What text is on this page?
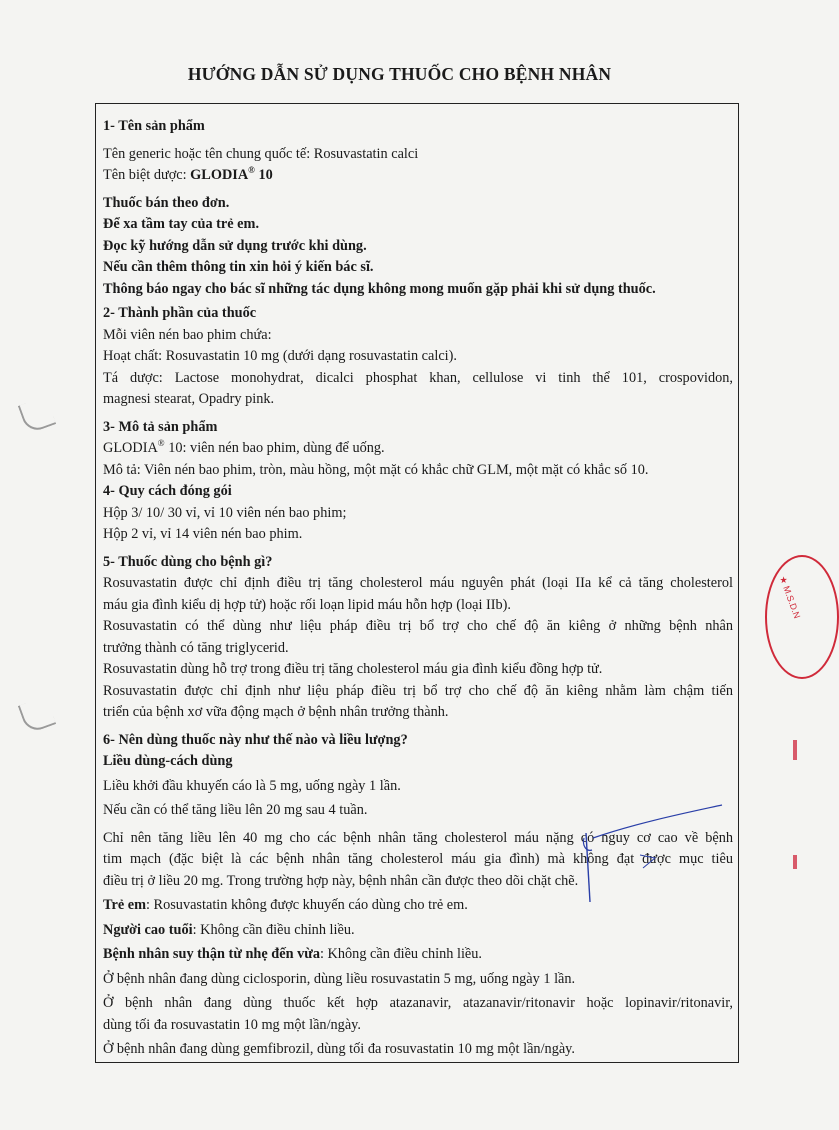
HƯỚNG DẪN SỬ DỤNG THUỐC CHO BỆNH NHÂN
1- Tên sản phẩm
Tên generic hoặc tên chung quốc tế: Rosuvastatin calci
Tên biệt dược: GLODIA® 10
Thuốc bán theo đơn.
Để xa tầm tay của trẻ em.
Đọc kỹ hướng dẫn sử dụng trước khi dùng.
Nếu cần thêm thông tin xin hỏi ý kiến bác sĩ.
Thông báo ngay cho bác sĩ những tác dụng không mong muốn gặp phải khi sử dụng thuốc.
2- Thành phần của thuốc
Mỗi viên nén bao phim chứa:
Hoạt chất: Rosuvastatin 10 mg (dưới dạng rosuvastatin calci).
Tá dược: Lactose monohydrat, dicalci phosphat khan, cellulose vi tinh thể 101, crospovidon,
magnesi stearat, Opadry pink.
3- Mô tả sản phẩm
GLODIA® 10: viên nén bao phim, dùng để uống.
Mô tả: Viên nén bao phim, tròn, màu hồng, một mặt có khắc chữ GLM, một mặt có khắc số 10.
4- Quy cách đóng gói
Hộp 3/ 10/ 30 vỉ, vỉ 10 viên nén bao phim;
Hộp 2 vỉ, vỉ 14 viên nén bao phim.
5- Thuốc dùng cho bệnh gì?
Rosuvastatin được chỉ định điều trị tăng cholesterol máu nguyên phát (loại IIa kể cả tăng cholesterol
máu gia đình kiểu dị hợp tử) hoặc rối loạn lipid máu hỗn hợp (loại IIb).
Rosuvastatin có thể dùng như liệu pháp điều trị bổ trợ cho chế độ ăn kiêng ở những bệnh nhân
trưởng thành có tăng triglycerid.
Rosuvastatin dùng hỗ trợ trong điều trị tăng cholesterol máu gia đình kiểu đồng hợp tử.
Rosuvastatin được chỉ định như liệu pháp điều trị bổ trợ cho chế độ ăn kiêng nhằm làm chậm tiến
triển của bệnh xơ vữa động mạch ở bệnh nhân trưởng thành.
6- Nên dùng thuốc này như thế nào và liều lượng?
Liều dùng-cách dùng
Liều khởi đầu khuyến cáo là 5 mg, uống ngày 1 lần.
Nếu cần có thể tăng liều lên 20 mg sau 4 tuần.
Chỉ nên tăng liều lên 40 mg cho các bệnh nhân tăng cholesterol máu nặng có nguy cơ cao về bệnh
tim mạch (đặc biệt là các bệnh nhân tăng cholesterol máu gia đình) mà không đạt được mục tiêu
điều trị ở liều 20 mg. Trong trường hợp này, bệnh nhân cần được theo dõi chặt chẽ.
Trẻ em: Rosuvastatin không được khuyến cáo dùng cho trẻ em.
Người cao tuổi: Không cần điều chỉnh liều.
Bệnh nhân suy thận từ nhẹ đến vừa: Không cần điều chỉnh liều.
Ở bệnh nhân đang dùng ciclosporin, dùng liều rosuvastatin 5 mg, uống ngày 1 lần.
Ở bệnh nhân đang dùng thuốc kết hợp atazanavir, atazanavir/ritonavir hoặc lopinavir/ritonavir,
dùng tối đa rosuvastatin 10 mg một lần/ngày.
Ở bệnh nhân đang dùng gemfibrozil, dùng tối đa rosuvastatin 10 mg một lần/ngày.
★ M.S.D.N
